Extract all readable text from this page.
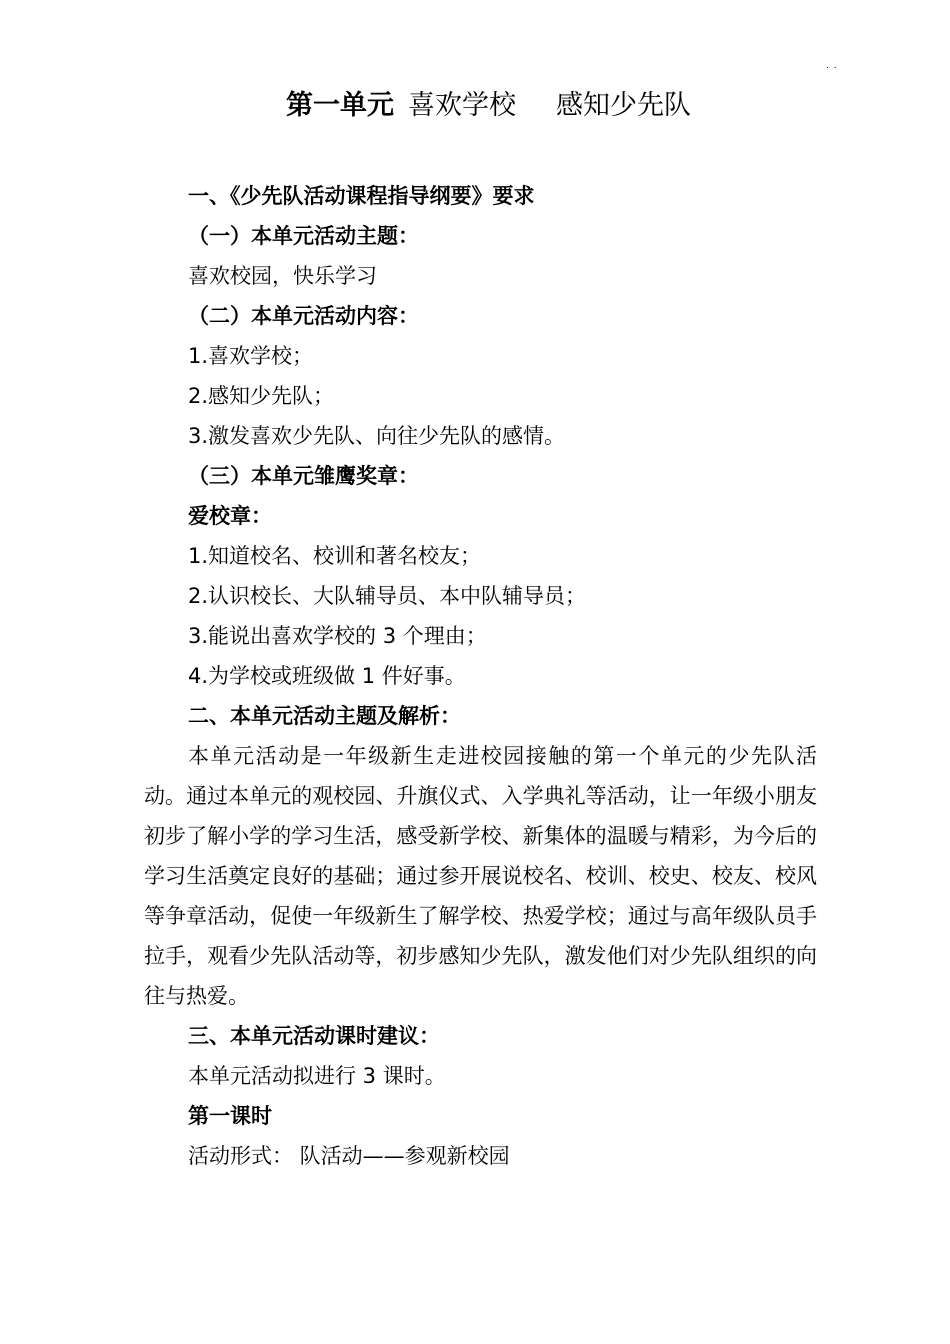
. .
第一单元 喜欢学校 感知少先队

一、《少先队活动课程指导纲要》要求

（一）本单元活动主题：

喜欢校园，快乐学习

（二）本单元活动内容：

1.喜欢学校；

2.感知少先队；

3.激发喜欢少先队、向往少先队的感情。

（三）本单元雏鹰奖章：

爱校章：

1.知道校名、校训和著名校友；

2.认识校长、大队辅导员、本中队辅导员；

3.能说出喜欢学校的 3 个理由；

4.为学校或班级做 1 件好事。

二、本单元活动主题及解析：

本单元活动是一年级新生走进校园接触的第一个单元的少先队活动。通过本单元的观校园、升旗仪式、入学典礼等活动，让一年级小朋友初步了解小学的学习生活，感受新学校、新集体的温暖与精彩，为今后的学习生活奠定良好的基础；通过参开展说校名、校训、校史、校友、校风等争章活动，促使一年级新生了解学校、热爱学校；通过与高年级队员手拉手，观看少先队活动等，初步感知少先队，激发他们对少先队组织的向往与热爱。

三、本单元活动课时建议：

本单元活动拟进行 3 课时。

第一课时

活动形式： 队活动——参观新校园
